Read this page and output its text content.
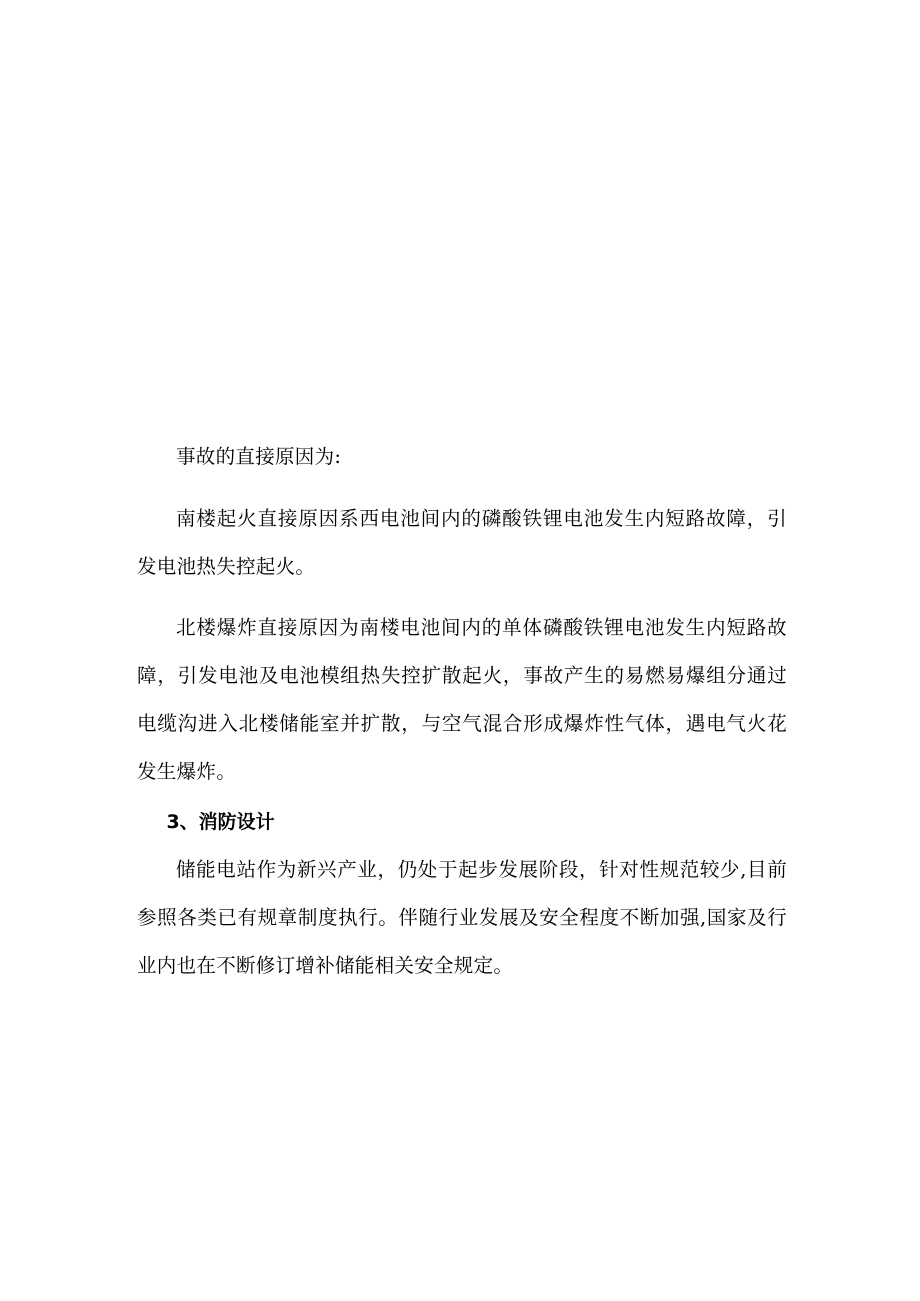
事故的直接原因为:

南楼起火直接原因系西电池间内的磷酸铁锂电池发生内短路故障，引发电池热失控起火。

北楼爆炸直接原因为南楼电池间内的单体磷酸铁锂电池发生内短路故障，引发电池及电池模组热失控扩散起火，事故产生的易燃易爆组分通过电缆沟进入北楼储能室并扩散，与空气混合形成爆炸性气体，遇电气火花发生爆炸。

3、消防设计

储能电站作为新兴产业，仍处于起步发展阶段，针对性规范较少,目前参照各类已有规章制度执行。伴随行业发展及安全程度不断加强,国家及行业内也在不断修订增补储能相关安全规定。
